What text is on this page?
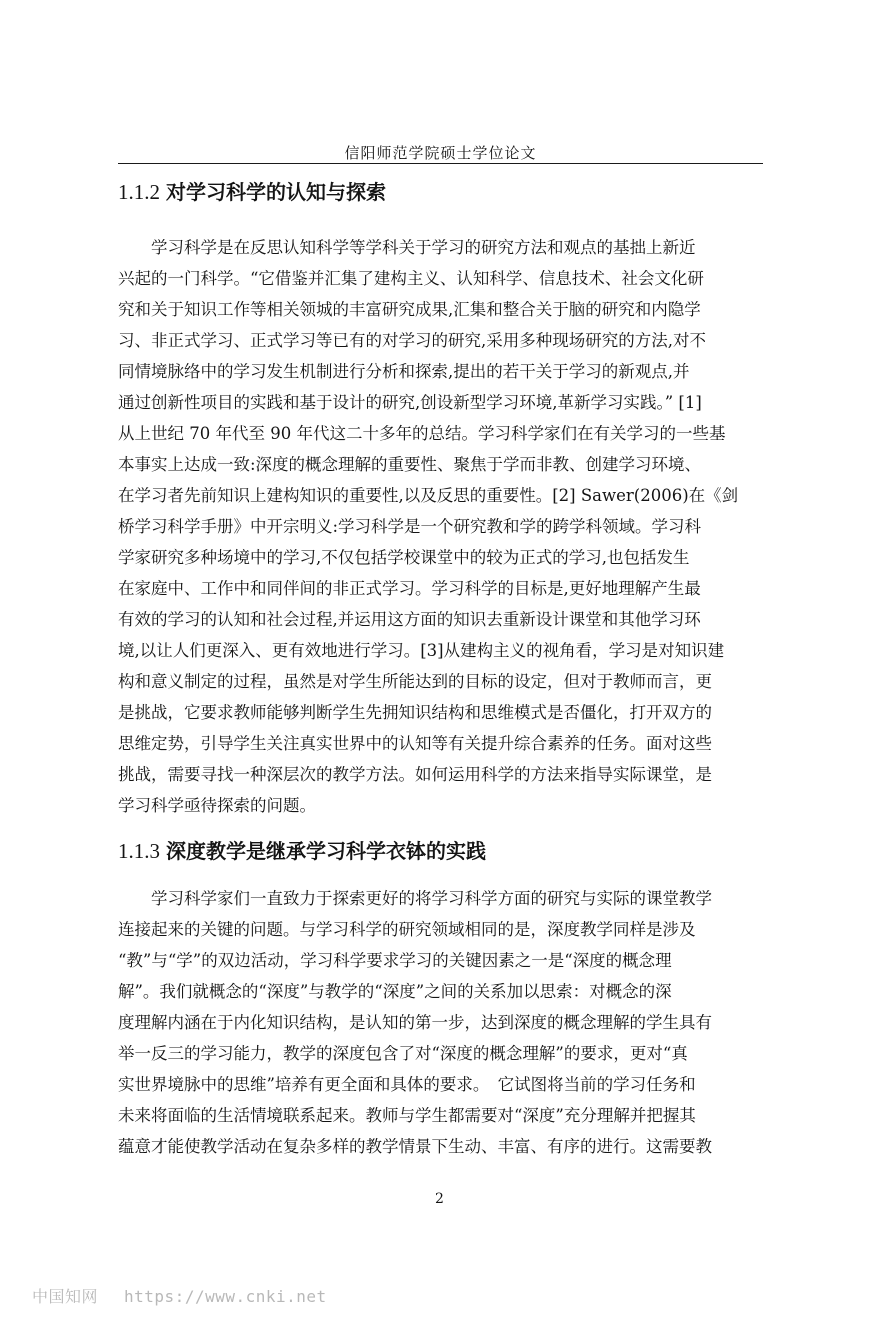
信阳师范学院硕士学位论文
1.1.2 对学习科学的认知与探索
　　学习科学是在反思认知科学等学科关于学习的研究方法和观点的基拙上新近
兴起的一门科学。“它借鉴并汇集了建构主义、认知科学、信息技术、社会文化研
究和关于知识工作等相关领城的丰富研究成果,汇集和整合关于脑的研究和内隐学
习、非正式学习、正式学习等已有的对学习的研究,采用多种现场研究的方法,对不
同情境脉络中的学习发生机制进行分析和探索,提出的若干关于学习的新观点,并
通过创新性项目的实践和基于设计的研究,创设新型学习环境,革新学习实践。” [1]
从上世纪 70 年代至 90 年代这二十多年的总结。学习科学家们在有关学习的一些基
本事实上达成一致:深度的概念理解的重要性、聚焦于学而非教、创建学习环境、
在学习者先前知识上建构知识的重要性,以及反思的重要性。[2] Sawer(2006)在《剑
桥学习科学手册》中开宗明义:学习科学是一个研究教和学的跨学科领域。学习科
学家研究多种场境中的学习,不仅包括学校课堂中的较为正式的学习,也包括发生
在家庭中、工作中和同伴间的非正式学习。学习科学的目标是,更好地理解产生最
有效的学习的认知和社会过程,并运用这方面的知识去重新设计课堂和其他学习环
境,以让人们更深入、更有效地进行学习。[3]从建构主义的视角看，学习是对知识建
构和意义制定的过程，虽然是对学生所能达到的目标的设定，但对于教师而言，更
是挑战，它要求教师能够判断学生先拥知识结构和思维模式是否僵化，打开双方的
思维定势，引导学生关注真实世界中的认知等有关提升综合素养的任务。面对这些
挑战，需要寻找一种深层次的教学方法。如何运用科学的方法来指导实际课堂，是
学习科学亟待探索的问题。
1.1.3 深度教学是继承学习科学衣钵的实践
　　学习科学家们一直致力于探索更好的将学习科学方面的研究与实际的课堂教学
连接起来的关键的问题。与学习科学的研究领域相同的是，深度教学同样是涉及
“教”与“学”的双边活动，学习科学要求学习的关键因素之一是“深度的概念理
解”。我们就概念的“深度”与教学的“深度”之间的关系加以思索：对概念的深
度理解内涵在于内化知识结构，是认知的第一步，达到深度的概念理解的学生具有
举一反三的学习能力，教学的深度包含了对“深度的概念理解”的要求，更对“真
实世界境脉中的思维”培养有更全面和具体的要求。　它试图将当前的学习任务和
未来将面临的生活情境联系起来。教师与学生都需要对“深度”充分理解并把握其
蕴意才能使教学活动在复杂多样的教学情景下生动、丰富、有序的进行。这需要教
2
中国知网 https://www.cnki.net
